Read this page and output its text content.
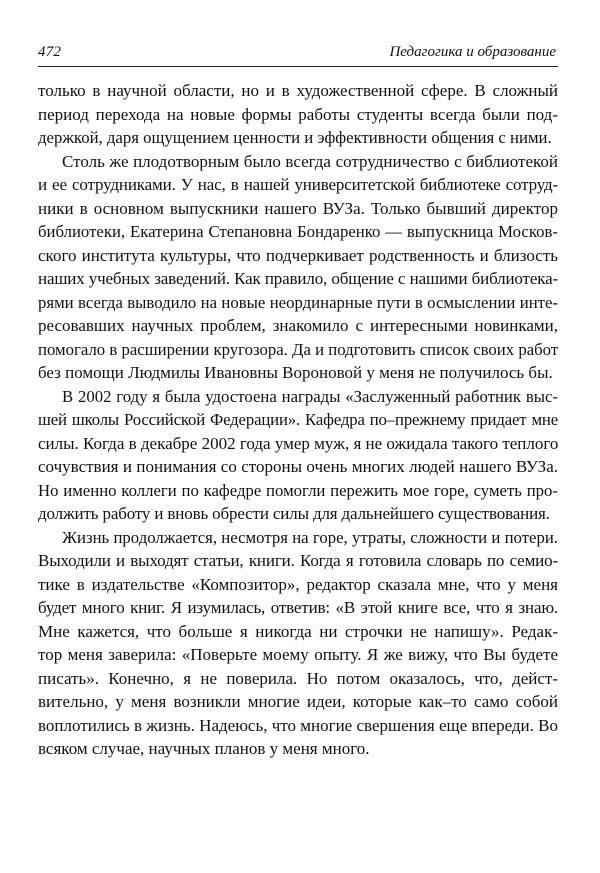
472	Педагогика и образование
только в научной области, но и в художественной сфере. В сложный
период перехода на новые формы работы студенты всегда были под-
держкой, даря ощущением ценности и эффективности общения с ними.
Столь же плодотворным было всегда сотрудничество с библиотекой
и ее сотрудниками. У нас, в нашей университетской библиотеке сотруд-
ники в основном выпускники нашего ВУЗа. Только бывший директор
библиотеки, Екатерина Степановна Бондаренко — выпускница Москов-
ского института культуры, что подчеркивает родственность и близость
наших учебных заведений. Как правило, общение с нашими библиотека-
рями всегда выводило на новые неординарные пути в осмыслении инте-
ресовавших научных проблем, знакомило с интересными новинками,
помогало в расширении кругозора. Да и подготовить список своих работ
без помощи Людмилы Ивановны Вороновой у меня не получилось бы.
В 2002 году я была удостоена награды «Заслуженный работник выс-
шей школы Российской Федерации». Кафедра по–прежнему придает мне
силы. Когда в декабре 2002 года умер муж, я не ожидала такого теплого
сочувствия и понимания со стороны очень многих людей нашего ВУЗа.
Но именно коллеги по кафедре помогли пережить мое горе, суметь про-
должить работу и вновь обрести силы для дальнейшего существования.
Жизнь продолжается, несмотря на горе, утраты, сложности и потери.
Выходили и выходят статьи, книги. Когда я готовила словарь по семио-
тике в издательстве «Композитор», редактор сказала мне, что у меня
будет много книг. Я изумилась, ответив: «В этой книге все, что я знаю.
Мне кажется, что больше я никогда ни строчки не напишу». Редак-
тор меня заверила: «Поверьте моему опыту. Я же вижу, что Вы будете
писать». Конечно, я не поверила. Но потом оказалось, что, дейст-
вительно, у меня возникли многие идеи, которые как–то само собой
воплотились в жизнь. Надеюсь, что многие свершения еще впереди. Во
всяком случае, научных планов у меня много.
